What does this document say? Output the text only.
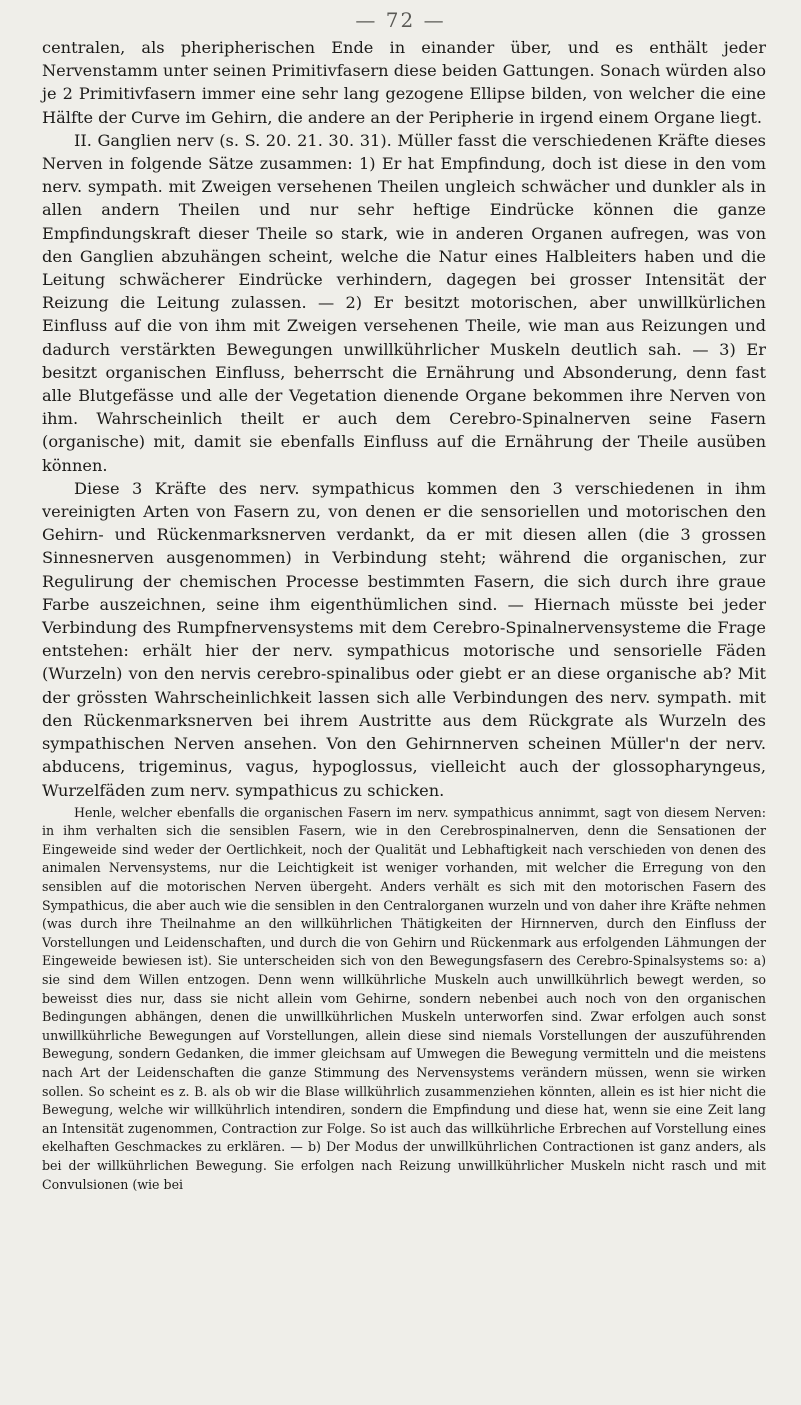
— 72 —

centralen, als pheripherischen Ende in einander über, und es enthält jeder Nervenstamm unter seinen Primitivfasern diese beiden Gattungen. Sonach würden also je 2 Primitivfasern immer eine sehr lang gezogene Ellipse bilden, von welcher die eine Hälfte der Curve im Gehirn, die andere an der Peripherie in irgend einem Organe liegt.

II. Ganglien nerv (s. S. 20. 21. 30. 31). Müller fasst die verschiedenen Kräfte dieses Nerven in folgende Sätze zusammen: 1) Er hat Empfindung, doch ist diese in den vom nerv. sympath. mit Zweigen versehenen Theilen ungleich schwächer und dunkler als in allen andern Theilen und nur sehr heftige Eindrücke können die ganze Empfindungskraft dieser Theile so stark, wie in anderen Organen aufregen, was von den Ganglien abzuhängen scheint, welche die Natur eines Halbleiters haben und die Leitung schwächerer Eindrücke verhindern, dagegen bei grosser Intensität der Reizung die Leitung zulassen. — 2) Er besitzt motorischen, aber unwillkürlichen Einfluss auf die von ihm mit Zweigen versehenen Theile, wie man aus Reizungen und dadurch verstärkten Bewegungen unwillkührlicher Muskeln deutlich sah. — 3) Er besitzt organischen Einfluss, beherrscht die Ernährung und Absonderung, denn fast alle Blutgefässe und alle der Vegetation dienende Organe bekommen ihre Nerven von ihm. Wahrscheinlich theilt er auch dem Cerebro-Spinalnerven seine Fasern (organische) mit, damit sie ebenfalls Einfluss auf die Ernährung der Theile ausüben können.

Diese 3 Kräfte des nerv. sympathicus kommen den 3 verschiedenen in ihm vereinigten Arten von Fasern zu, von denen er die sensoriellen und motorischen den Gehirn- und Rückenmarksnerven verdankt, da er mit diesen allen (die 3 grossen Sinnesnerven ausgenommen) in Verbindung steht; während die organischen, zur Regulirung der chemischen Processe bestimmten Fasern, die sich durch ihre graue Farbe auszeichnen, seine ihm eigenthümlichen sind. — Hiernach müsste bei jeder Verbindung des Rumpfnervensystems mit dem Cerebro-Spinalnervensysteme die Frage entstehen: erhält hier der nerv. sympathicus motorische und sensorielle Fäden (Wurzeln) von den nervis cerebro-spinalibus oder giebt er an diese organische ab? Mit der grössten Wahrscheinlichkeit lassen sich alle Verbindungen des nerv. sympath. mit den Rückenmarksnerven bei ihrem Austritte aus dem Rückgrate als Wurzeln des sympathischen Nerven ansehen. Von den Gehirnnerven scheinen Müller'n der nerv. abducens, trigeminus, vagus, hypoglossus, vielleicht auch der glossopharyngeus, Wurzelfäden zum nerv. sympathicus zu schicken.

Henle, welcher ebenfalls die organischen Fasern im nerv. sympathicus annimmt, sagt von diesem Nerven: in ihm verhalten sich die sensiblen Fasern, wie in den Cerebrospinalnerven, denn die Sensationen der Eingeweide sind weder der Oertlichkeit, noch der Qualität und Lebhaftigkeit nach verschieden von denen des animalen Nervensystems, nur die Leichtigkeit ist weniger vorhanden, mit welcher die Erregung von den sensiblen auf die motorischen Nerven übergeht. Anders verhält es sich mit den motorischen Fasern des Sympathicus, die aber auch wie die sensiblen in den Centralorganen wurzeln und von daher ihre Kräfte nehmen (was durch ihre Theilnahme an den willkührlichen Thätigkeiten der Hirnnerven, durch den Einfluss der Vorstellungen und Leidenschaften, und durch die von Gehirn und Rückenmark aus erfolgenden Lähmungen der Eingeweide bewiesen ist). Sie unterscheiden sich von den Bewegungsfasern des Cerebro-Spinalsystems so: a) sie sind dem Willen entzogen. Denn wenn willkührliche Muskeln auch unwillkührlich bewegt werden, so beweisst dies nur, dass sie nicht allein vom Gehirne, sondern nebenbei auch noch von den organischen Bedingungen abhängen, denen die unwillkührlichen Muskeln unterworfen sind. Zwar erfolgen auch sonst unwillkührliche Bewegungen auf Vorstellungen, allein diese sind niemals Vorstellungen der auszuführenden Bewegung, sondern Gedanken, die immer gleichsam auf Umwegen die Bewegung vermitteln und die meistens nach Art der Leidenschaften die ganze Stimmung des Nervensystems verändern müssen, wenn sie wirken sollen. So scheint es z. B. als ob wir die Blase willkührlich zusammenziehen könnten, allein es ist hier nicht die Bewegung, welche wir willkührlich intendiren, sondern die Empfindung und diese hat, wenn sie eine Zeit lang an Intensität zugenommen, Contraction zur Folge. So ist auch das willkührliche Erbrechen auf Vorstellung eines ekelhaften Geschmackes zu erklären. — b) Der Modus der unwillkührlichen Contractionen ist ganz anders, als bei der willkührlichen Bewegung. Sie erfolgen nach Reizung unwillkührlicher Muskeln nicht rasch und mit Convulsionen (wie bei
